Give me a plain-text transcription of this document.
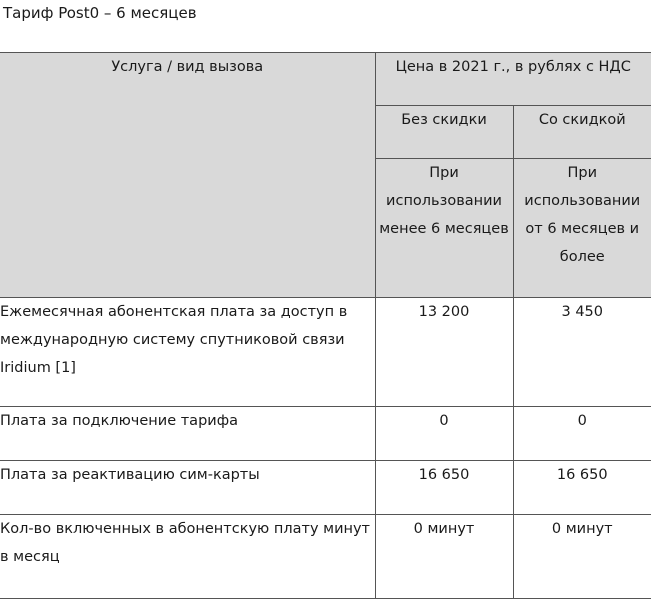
Тариф Post0 – 6 месяцев
Услуга / вид вызова	Цена в 2021 г., в рублях с НДС	
	Без скидки	Со скидкой
	При использовании менее 6 месяцев	При использовании от 6 месяцев и более
Ежемесячная абонентская плата за доступ в международную систему спутниковой связи Iridium [1]	13 200	3 450
Плата за подключение тарифа	0	0
Плата за реактивацию сим-карты	16 650	16 650
Кол-во включенных в абонентскую плату минут в месяц	0 минут	0 минут
